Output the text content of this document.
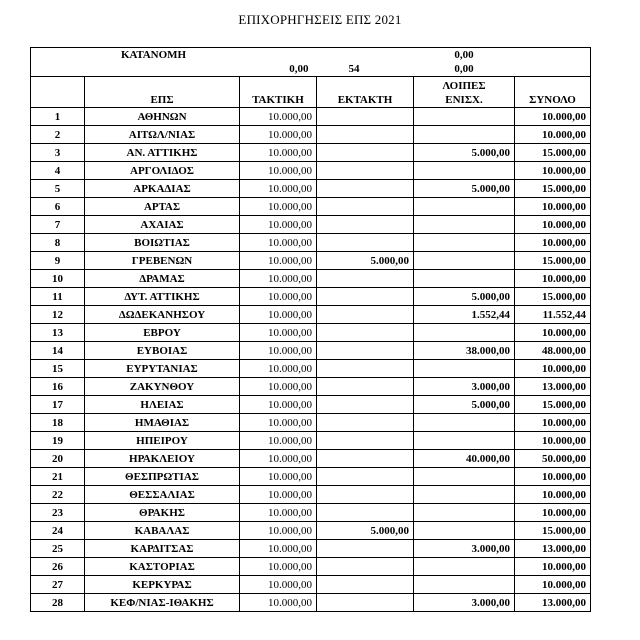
ΕΠΙΧΟΡΗΓΗΣΕΙΣ ΕΠΣ 2021
ΚΑΤΑΝΟΜΗ				0,00	
		0,00	54	0,00	
	ΕΠΣ	ΤΑΚΤΙΚΗ	ΕΚΤΑΚΤΗ	ΛΟΙΠΕΣ
ΕΝΙΣΧ.	ΣΥΝΟΛΟ
1	ΑΘΗΝΩΝ	10.000,00			10.000,00
2	ΑΙΤΩΛ/ΝΙΑΣ	10.000,00			10.000,00
3	ΑΝ. ΑΤΤΙΚΗΣ	10.000,00		5.000,00	15.000,00
4	ΑΡΓΟΛΙΔΟΣ	10.000,00			10.000,00
5	ΑΡΚΑΔΙΑΣ	10.000,00		5.000,00	15.000,00
6	ΑΡΤΑΣ	10.000,00			10.000,00
7	ΑΧΑΙΑΣ	10.000,00			10.000,00
8	ΒΟΙΩΤΙΑΣ	10.000,00			10.000,00
9	ΓΡΕΒΕΝΩΝ	10.000,00	5.000,00		15.000,00
10	ΔΡΑΜΑΣ	10.000,00			10.000,00
11	ΔΥΤ. ΑΤΤΙΚΗΣ	10.000,00		5.000,00	15.000,00
12	ΔΩΔΕΚΑΝΗΣΟΥ	10.000,00		1.552,44	11.552,44
13	ΕΒΡΟΥ	10.000,00			10.000,00
14	ΕΥΒΟΙΑΣ	10.000,00		38.000,00	48.000,00
15	ΕΥΡΥΤΑΝΙΑΣ	10.000,00			10.000,00
16	ΖΑΚΥΝΘΟΥ	10.000,00		3.000,00	13.000,00
17	ΗΛΕΙΑΣ	10.000,00		5.000,00	15.000,00
18	ΗΜΑΘΙΑΣ	10.000,00			10.000,00
19	ΗΠΕΙΡΟΥ	10.000,00			10.000,00
20	ΗΡΑΚΛΕΙΟΥ	10.000,00		40.000,00	50.000,00
21	ΘΕΣΠΡΩΤΙΑΣ	10.000,00			10.000,00
22	ΘΕΣΣΑΛΙΑΣ	10.000,00			10.000,00
23	ΘΡΑΚΗΣ	10.000,00			10.000,00
24	ΚΑΒΑΛΑΣ	10.000,00	5.000,00		15.000,00
25	ΚΑΡΔΙΤΣΑΣ	10.000,00		3.000,00	13.000,00
26	ΚΑΣΤΟΡΙΑΣ	10.000,00			10.000,00
27	ΚΕΡΚΥΡΑΣ	10.000,00			10.000,00
28	ΚΕΦ/ΝΙΑΣ-ΙΘΑΚΗΣ	10.000,00		3.000,00	13.000,00
